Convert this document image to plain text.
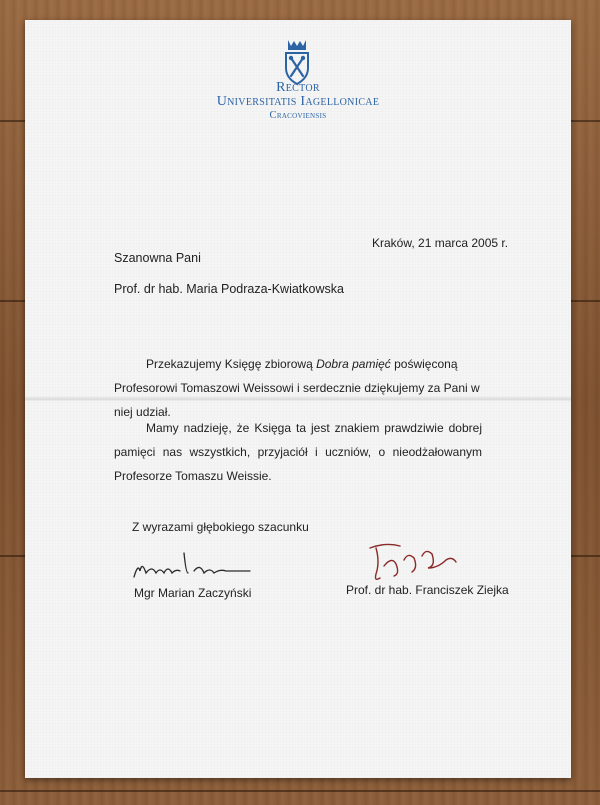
Rector
Universitatis Iagellonicae
Cracoviensis
Kraków, 21 marca 2005 r.
Szanowna Pani
Prof. dr hab. Maria Podraza-Kwiatkowska
Przekazujemy Księgę zbiorową Dobra pamięć poświęconą Profesorowi Tomaszowi Weissowi i serdecznie dziękujemy za Pani w niej udział.
Mamy nadzieję, że Księga ta jest znakiem prawdziwie dobrej pamięci nas wszystkich, przyjaciół i uczniów, o nieodżałowanym Profesorze Tomaszu Weissie.
Z wyrazami głębokiego szacunku
Mgr Marian Zaczyński	Prof. dr hab. Franciszek Ziejka
